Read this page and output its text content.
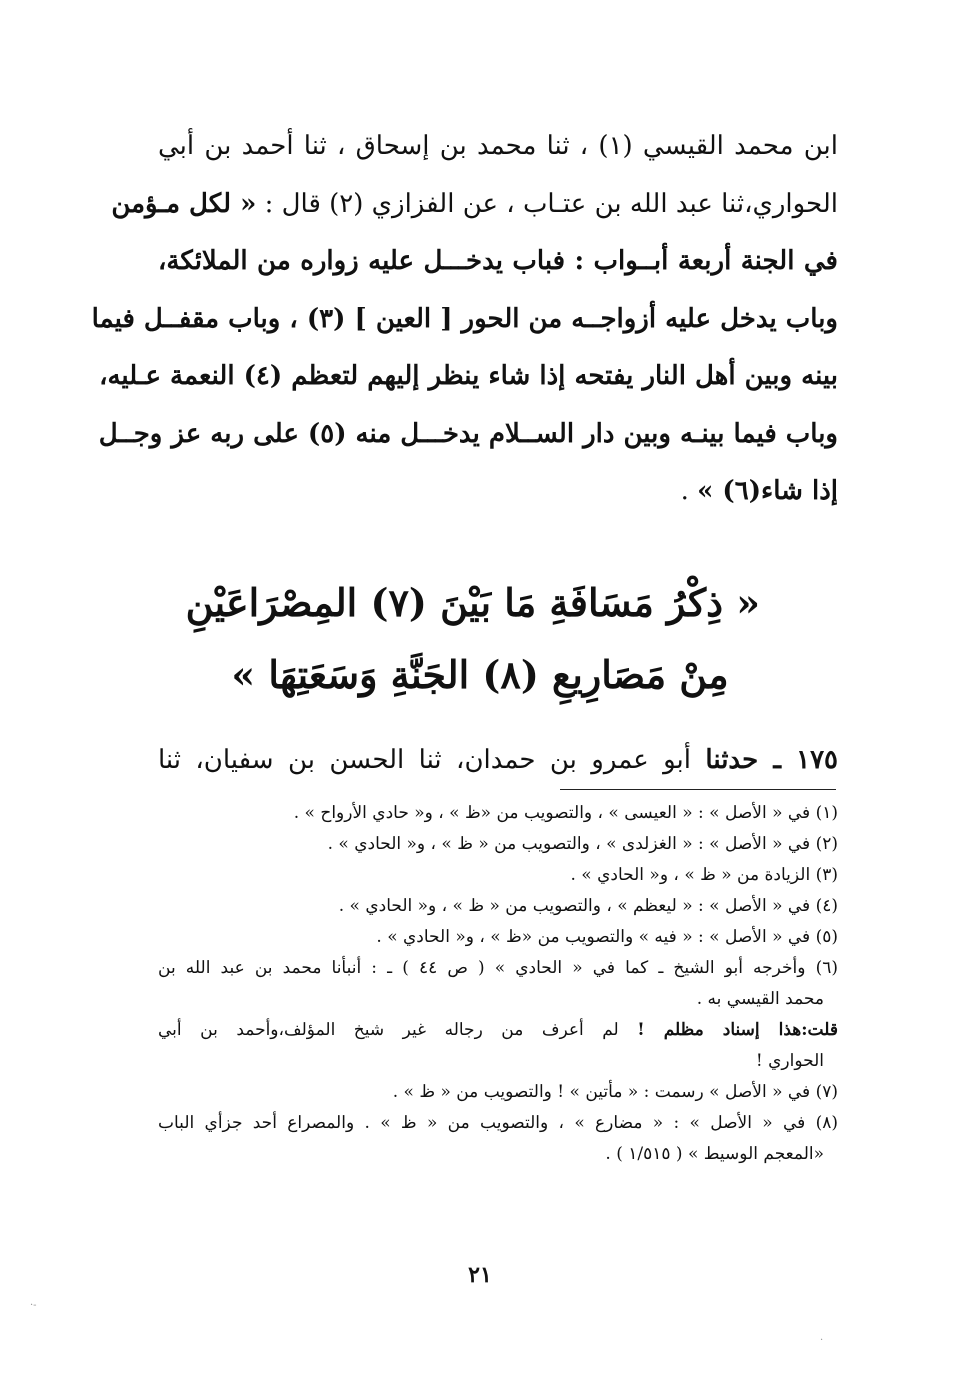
ابن محمد القيسي (١) ، ثنا محمد بن إسحاق ، ثنا أحمد بن أبي
الحواري،ثنا عبد الله بن عتـاب ، عن الفزازي (٢) قال : « لكل مـؤمن
في الجنة أربعة أبــواب : فباب يدخـــل عليه زواره من الملائكة،
وباب يدخل عليه أزواجــه من الحور [ العين ] (٣) ، وباب مقفــل فيما
بينه وبين أهل النار يفتحه إذا شاء ينظر إليهم لتعظم (٤) النعمة عـليه،
وباب فيما بينـه وبين دار الســلام يدخـــل منه (٥) على ربه عز وجــل
إذا شاء(٦) » .
« ذِكْرُ مَسَافَةِ مَا بَيْنَ (٧) المِصْرَاعَيْنِ
مِنْ مَصَارِيعِ (٨) الجَنَّةِ وَسَعَتِهَا »
١٧٥ ـ حدثنا أبو عمرو بن حمدان، ثنا الحسن بن سفيان، ثنا
(١) في « الأصل » : « العيسى » ، والتصويب من «ظ » ، و« حادي الأرواح » .
(٢) في « الأصل » : « الغزلدى » ، والتصويب من « ظ » ، و« الحادي » .
(٣) الزيادة من « ظ » ، و« الحادي » .
(٤) في « الأصل » : « ليعظم » ، والتصويب من « ظ » ، و« الحادي » .
(٥) في « الأصل » : « فيه » والتصويب من «ظ » ، و« الحادي » .
(٦) وأخرجه أبو الشيخ ـ كما في « الحادي » ( ص ٤٤ ) ـ : أنبأنا محمد بن عبد الله بن
محمد القيسي به .
قلت:هذا إسناد مظلم ! لم أعرف من رجاله غير شيخ المؤلف،وأحمد بن أبي
الحواري !
(٧) في « الأصل » رسمت : « مأتين » ! والتصويب من « ظ » .
(٨) في « الأصل » : « مضارع » ، والتصويب من « ظ » . والمصراع أحد جزأي الباب
«المعجم الوسيط » ( ١/٥١٥ ) .
٢١
·‐
·
